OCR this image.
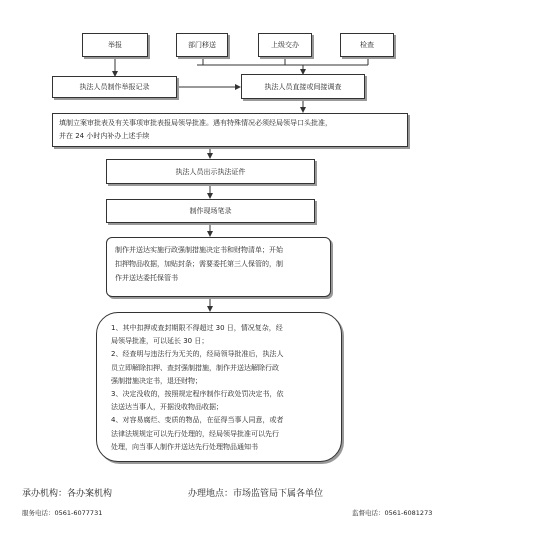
举报	部门移送	上级交办	检查
执法人员制作举报记录	执法人员直接或间接调查
填制立案审批表及有关事项审批表报局领导批准。遇有特殊情况必须经局领导口头批准，
并在 24 小时内补办上述手续
执法人员出示执法证件
制作现场笔录
制作并送达实施行政强制措施决定书和财物清单；开始
扣押物品收据，加贴封条；需要委托第三人保管的，制
作并送达委托保管书
1、其中扣押或查封期限不得超过 30 日，情况复杂，经
局领导批准，可以延长 30 日；
2、经查明与违法行为无关的，经局领导批准后，执法人
员立即解除扣押、查封强制措施，制作并送达解除行政
强制措施决定书，退还财物；
3、决定没收的，按照规定程序制作行政处罚决定书，依
法送达当事人，开据没收物品收据；
4、对容易腐烂、变质的物品，在征得当事人同意，或者
法律法规规定可以先行处理的，经局领导批准可以先行
处理，向当事人制作并送达先行处理物品通知书
承办机构：各办案机构	办理地点：市场监管局下属各单位
服务电话：0561-6077731	监督电话：0561-6081273
